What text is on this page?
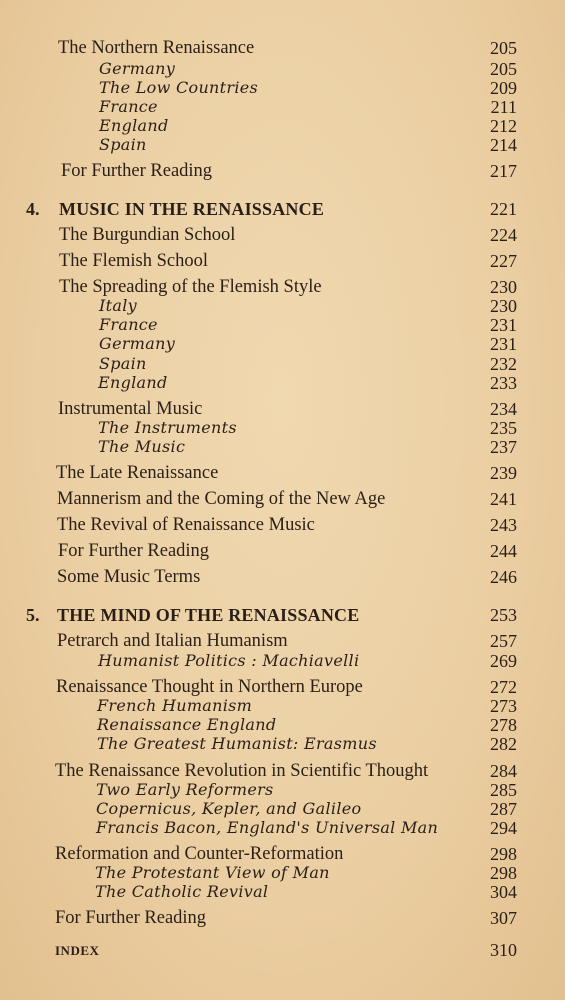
The Northern Renaissance	205
Germany	205
The Low Countries	209
France	211
England	212
Spain	214
For Further Reading	217
4. MUSIC IN THE RENAISSANCE	221
The Burgundian School	224
The Flemish School	227
The Spreading of the Flemish Style	230
Italy	230
France	231
Germany	231
Spain	232
England	233
Instrumental Music	234
The Instruments	235
The Music	237
The Late Renaissance	239
Mannerism and the Coming of the New Age	241
The Revival of Renaissance Music	243
For Further Reading	244
Some Music Terms	246
5. THE MIND OF THE RENAISSANCE	253
Petrarch and Italian Humanism	257
Humanist Politics : Machiavelli	269
Renaissance Thought in Northern Europe	272
French Humanism	273
Renaissance England	278
The Greatest Humanist: Erasmus	282
The Renaissance Revolution in Scientific Thought	284
Two Early Reformers	285
Copernicus, Kepler, and Galileo	287
Francis Bacon, England's Universal Man	294
Reformation and Counter-Reformation	298
The Protestant View of Man	298
The Catholic Revival	304
For Further Reading	307
INDEX	310
